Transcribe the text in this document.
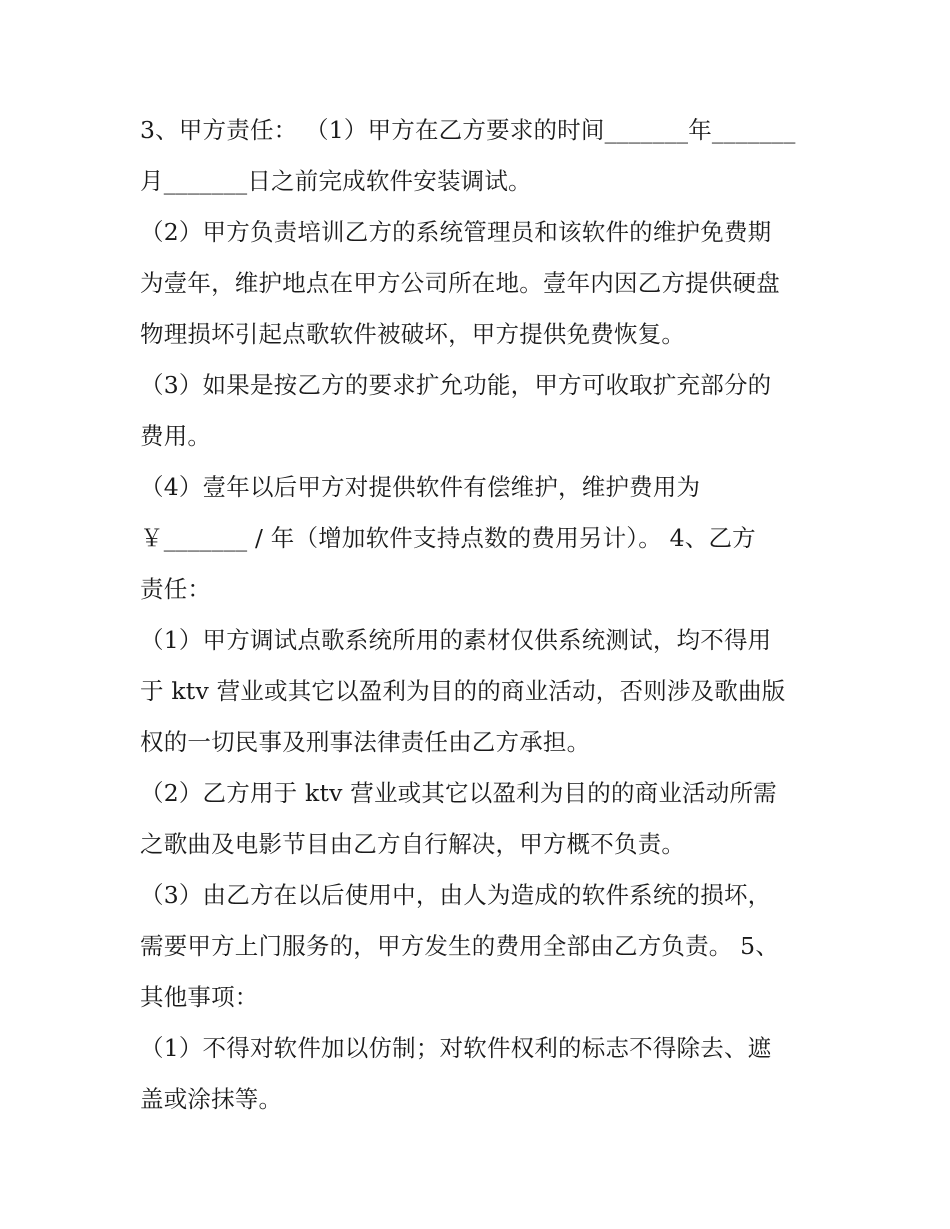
3、甲方责任： （1）甲方在乙方要求的时间_______年_______
月_______日之前完成软件安装调试。
（2）甲方负责培训乙方的系统管理员和该软件的维护免费期
为壹年，维护地点在甲方公司所在地。壹年内因乙方提供硬盘
物理损坏引起点歌软件被破坏，甲方提供免费恢复。
（3）如果是按乙方的要求扩允功能，甲方可收取扩充部分的
费用。
（4）壹年以后甲方对提供软件有偿维护，维护费用为
￥_______ / 年（增加软件支持点数的费用另计）。 4、乙方
责任：
（1）甲方调试点歌系统所用的素材仅供系统测试，均不得用
于 ktv 营业或其它以盈利为目的的商业活动，否则涉及歌曲版
权的一切民事及刑事法律责任由乙方承担。
（2）乙方用于 ktv 营业或其它以盈利为目的的商业活动所需
之歌曲及电影节目由乙方自行解决，甲方概不负责。
（3）由乙方在以后使用中，由人为造成的软件系统的损坏，
需要甲方上门服务的，甲方发生的费用全部由乙方负责。 5、
其他事项：
（1）不得对软件加以仿制；对软件权利的标志不得除去、遮
盖或涂抹等。
